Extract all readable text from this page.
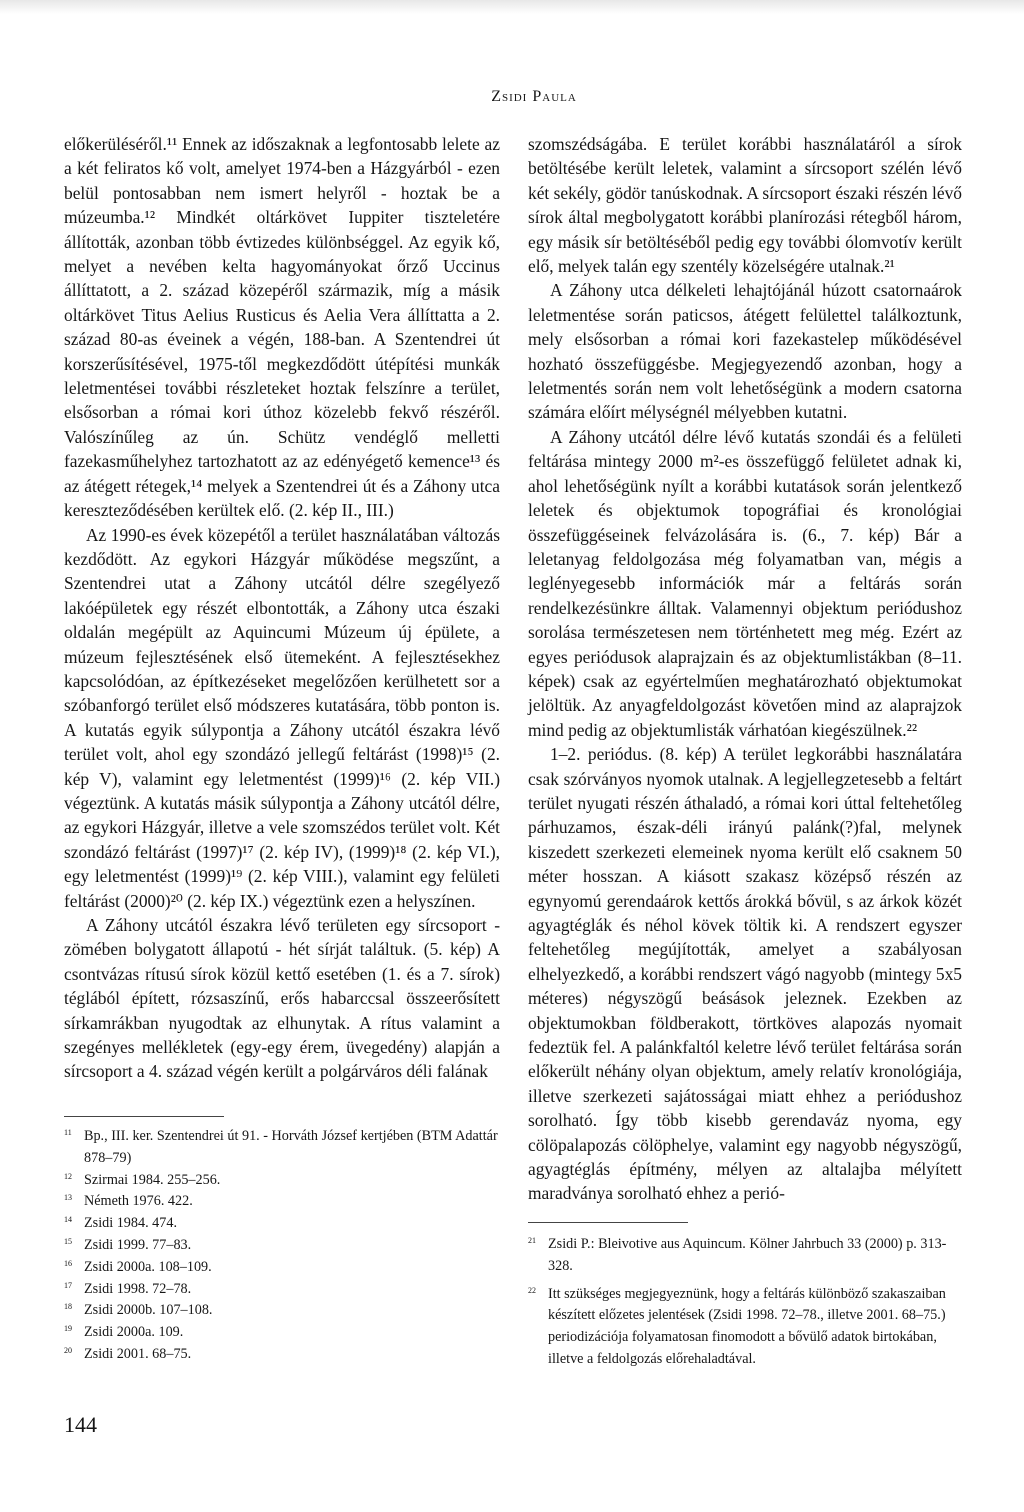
Zsidi Paula

előkerüléséről.¹¹ Ennek az időszaknak a legfontosabb lelete az a két feliratos kő volt, amelyet 1974-ben a Házgyárból - ezen belül pontosabban nem ismert helyről - hoztak be a múzeumba.¹² Mindkét oltárkövet Iuppiter tiszteletére állították, azonban több évtizedes különbséggel. Az egyik kő, melyet a nevében kelta hagyományokat őrző Uccinus állíttatott, a 2. század közepéről származik, míg a másik oltárkövet Titus Aelius Rusticus és Aelia Vera állíttatta a 2. század 80-as éveinek a végén, 188-ban. A Szentendrei út korszerűsítésével, 1975-től megkezdődött útépítési munkák leletmentései további részleteket hoztak felszínre a terület, elsősorban a római kori úthoz közelebb fekvő részéről. Valószínűleg az ún. Schütz vendéglő melletti fazekasműhelyhez tartozhatott az az edényégető kemence¹³ és az átégett rétegek,¹⁴ melyek a Szentendrei út és a Záhony utca kereszteződésében kerültek elő. (2. kép II., III.)

Az 1990-es évek közepétől a terület használatában változás kezdődött. Az egykori Házgyár működése megszűnt, a Szentendrei utat a Záhony utcától délre szegélyező lakóépületek egy részét elbontották, a Záhony utca északi oldalán megépült az Aquincumi Múzeum új épülete, a múzeum fejlesztésének első ütemeként. A fejlesztésekhez kapcsolódóan, az építkezéseket megelőzően kerülhetett sor a szóbanforgó terület első módszeres kutatására, több ponton is. A kutatás egyik súlypontja a Záhony utcától északra lévő terület volt, ahol egy szondázó jellegű feltárást (1998)¹⁵ (2. kép V), valamint egy leletmentést (1999)¹⁶ (2. kép VII.) végeztünk. A kutatás másik súlypontja a Záhony utcától délre, az egykori Házgyár, illetve a vele szomszédos terület volt. Két szondázó feltárást (1997)¹⁷ (2. kép IV), (1999)¹⁸ (2. kép VI.), egy leletmentést (1999)¹⁹ (2. kép VIII.), valamint egy felületi feltárást (2000)²⁰ (2. kép IX.) végeztünk ezen a helyszínen.

A Záhony utcától északra lévő területen egy sírcsoport - zömében bolygatott állapotú - hét sírját találtuk. (5. kép) A csontvázas rítusú sírok közül kettő esetében (1. és a 7. sírok) téglából épített, rózsaszínű, erős habarccsal összeerősített sírkamrákban nyugodtak az elhunytak. A rítus valamint a szegényes mellékletek (egy-egy érem, üvegedény) alapján a sírcsoport a 4. század végén került a polgárváros déli falának

szomszédságába. E terület korábbi használatáról a sírok betöltésébe került leletek, valamint a sírcsoport szélén lévő két sekély, gödör tanúskodnak. A sírcsoport északi részén lévő sírok által megbolygatott korábbi planírozási rétegből három, egy másik sír betöltéséből pedig egy további ólomvotív került elő, melyek talán egy szentély közelségére utalnak.²¹

A Záhony utca délkeleti lehajtójánál húzott csatornaárok leletmentése során paticsos, átégett felülettel találkoztunk, mely elsősorban a római kori fazekastelep működésével hozható összefüggésbe. Megjegyezendő azonban, hogy a leletmentés során nem volt lehetőségünk a modern csatorna számára előírt mélységnél mélyebben kutatni.

A Záhony utcától délre lévő kutatás szondái és a felületi feltárása mintegy 2000 m²-es összefüggő felületet adnak ki, ahol lehetőségünk nyílt a korábbi kutatások során jelentkező leletek és objektumok topográfiai és kronológiai összefüggéseinek felvázolására is. (6., 7. kép) Bár a leletanyag feldolgozása még folyamatban van, mégis a leglényegesebb információk már a feltárás során rendelkezésünkre álltak. Valamennyi objektum periódushoz sorolása természetesen nem történhetett meg még. Ezért az egyes periódusok alaprajzain és az objektumlistákban (8–11. képek) csak az egyértelműen meghatározható objektumokat jelöltük. Az anyagfeldolgozást követően mind az alaprajzok mind pedig az objektumlisták várhatóan kiegészülnek.²²

1–2. periódus. (8. kép) A terület legkorábbi használatára csak szórványos nyomok utalnak. A legjellegzetesebb a feltárt terület nyugati részén áthaladó, a római kori úttal feltehetőleg párhuzamos, észak-déli irányú palánk(?)fal, melynek kiszedett szerkezeti elemeinek nyoma került elő csaknem 50 méter hosszan. A kiásott szakasz középső részén az egynyomú gerendaárok kettős árokká bővül, s az árkok közét agyagtéglák és néhol kövek töltik ki. A rendszert egyszer feltehetőleg megújították, amelyet a szabályosan elhelyezkedő, a korábbi rendszert vágó nagyobb (mintegy 5x5 méteres) négyszögű beásások jeleznek. Ezekben az objektumokban földberakott, törtköves alapozás nyomait fedeztük fel. A palánkfaltól keletre lévő terület feltárása során előkerült néhány olyan objektum, amely relatív kronológiája, illetve szerkezeti sajátosságai miatt ehhez a periódushoz sorolható. Így több kisebb gerendaváz nyoma, egy cölöpalapozás cölöphelye, valamint egy nagyobb négyszögű, agyagtéglás építmény, mélyen az altalajba mélyített maradványa sorolható ehhez a perió-

11 Bp., III. ker. Szentendrei út 91. - Horváth József kertjében (BTM Adattár 878–79)
12 Szirmai 1984. 255–256.
13 Németh 1976. 422.
14 Zsidi 1984. 474.
15 Zsidi 1999. 77–83.
16 Zsidi 2000a. 108–109.
17 Zsidi 1998. 72–78.
18 Zsidi 2000b. 107–108.
19 Zsidi 2000a. 109.
20 Zsidi 2001. 68–75.
21 Zsidi P.: Bleivotive aus Aquincum. Kölner Jahrbuch 33 (2000) p. 313-328.
22 Itt szükséges megjegyeznünk, hogy a feltárás különböző szakaszaiban készített előzetes jelentések (Zsidi 1998. 72–78., illetve 2001. 68–75.) periodizációja folyamatosan finomodott a bővülő adatok birtokában, illetve a feldolgozás előrehaladtával.
144
